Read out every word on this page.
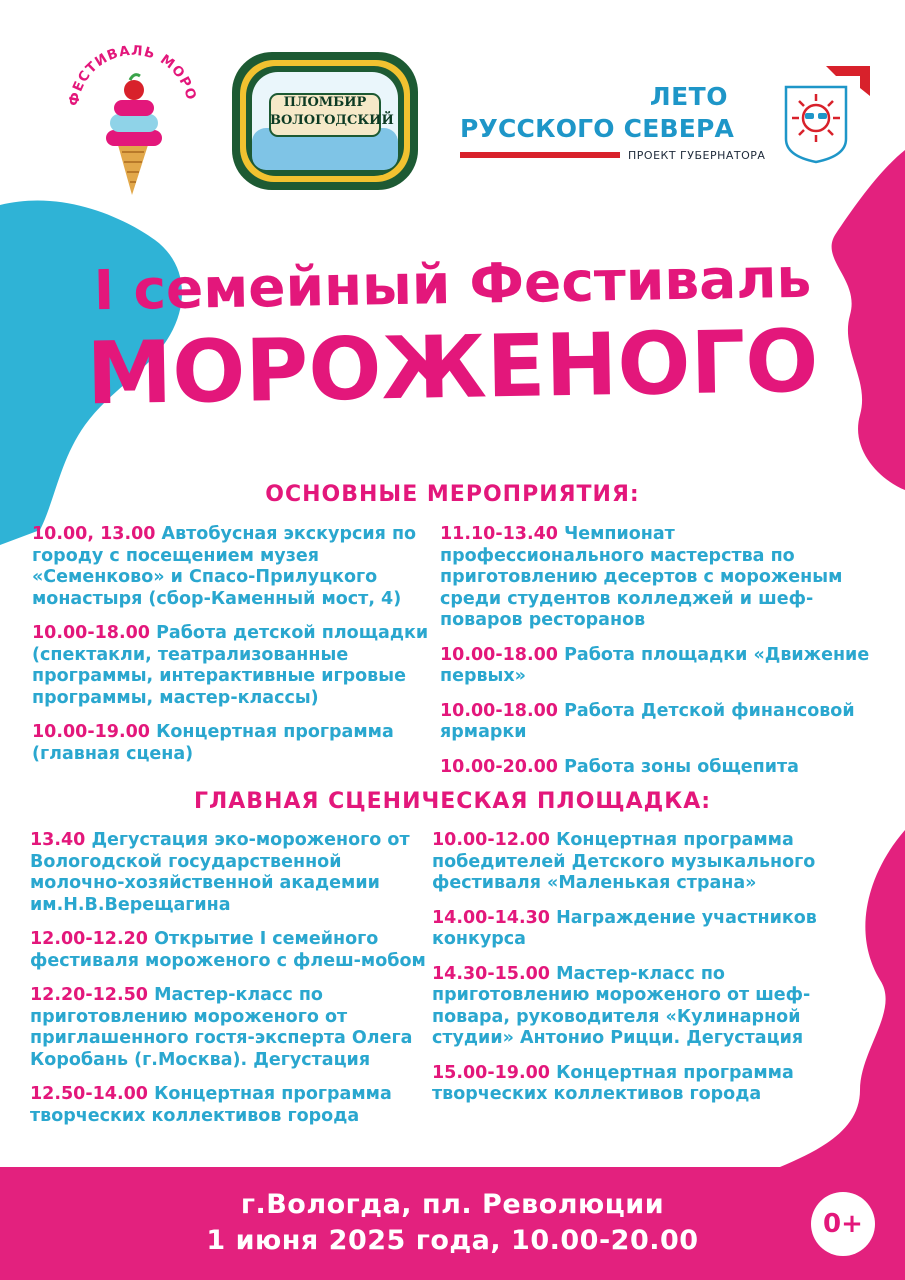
ФЕСТИВАЛЬ МОРО
ПЛОМБИР
ВОЛОГОДСКИЙ
ЛЕТО
РУССКОГО СЕВЕРА
ПРОЕКТ ГУБЕРНАТОРА
I семейный Фестиваль
МОРОЖЕНОГО
ОСНОВНЫЕ МЕРОПРИЯТИЯ:
10.00, 13.00 Автобусная экскурсия по городу с посещением музея «Семенково» и Спасо-Прилуцкого монастыря (сбор-Каменный мост, 4)
10.00-18.00 Работа детской площадки (спектакли, театрализованные программы, интерактивные игровые программы, мастер-классы)
10.00-19.00 Концертная программа (главная сцена)
11.10-13.40 Чемпионат профессионального мастерства по приготовлению десертов с мороженым среди студентов колледжей и шеф-поваров ресторанов
10.00-18.00 Работа площадки «Движение первых»
10.00-18.00 Работа Детской финансовой ярмарки
10.00-20.00 Работа зоны общепита
ГЛАВНАЯ СЦЕНИЧЕСКАЯ ПЛОЩАДКА:
13.40 Дегустация эко-мороженого от Вологодской государственной молочно-хозяйственной академии им.Н.В.Верещагина
12.00-12.20 Открытие I семейного фестиваля мороженого с флеш-мобом
12.20-12.50 Мастер-класс по приготовлению мороженого от приглашенного гостя-эксперта Олега Коробань (г.Москва). Дегустация
12.50-14.00 Концертная программа творческих коллективов города
10.00-12.00 Концертная программа победителей Детского музыкального фестиваля «Маленькая страна»
14.00-14.30 Награждение участников конкурса
14.30-15.00 Мастер-класс по приготовлению мороженого от шеф-повара, руководителя «Кулинарной студии» Антонио Рицци. Дегустация
15.00-19.00 Концертная программа творческих коллективов города
г.Вологда, пл. Революции
1 июня 2025 года, 10.00-20.00
0+
